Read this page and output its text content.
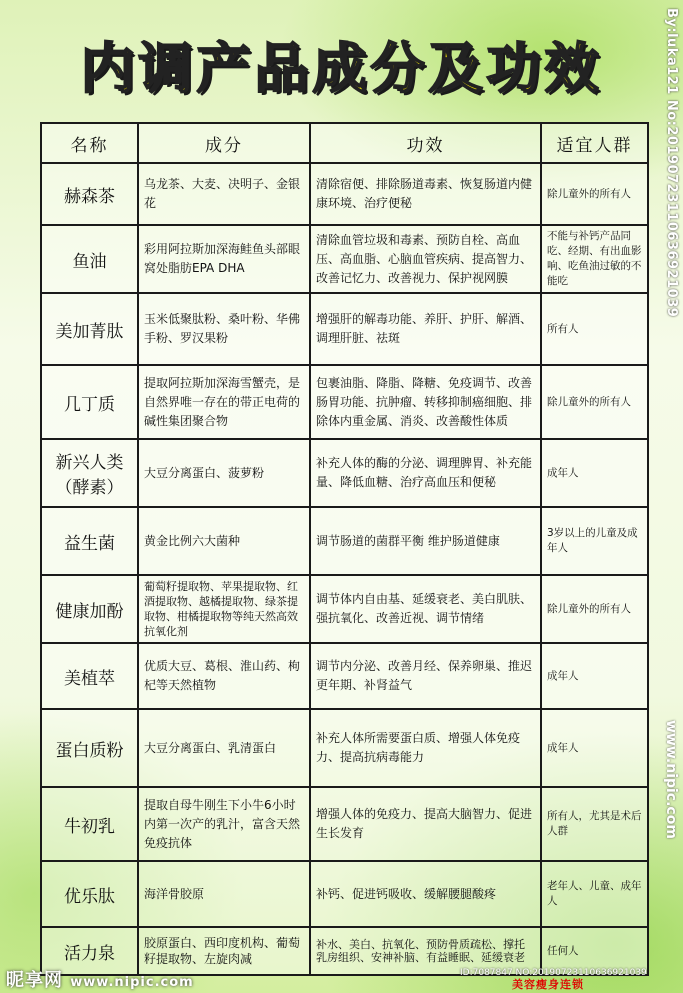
内调产品成分及功效
名称	成分	功效	适宜人群
赫森茶	乌龙茶、大麦、决明子、金银花	清除宿便、排除肠道毒素、恢复肠道内健康环境、治疗便秘	除儿童外的所有人
鱼油	彩用阿拉斯加深海鲑鱼头部眼窝处脂肪EPA DHA	清除血管垃圾和毒素、预防自栓、高血压、高血脂、心脑血管疾病、提高智力、改善记忆力、改善视力、保护视网膜	不能与补钙产品同吃、经期、有出血影响、吃鱼油过敏的不能吃
美加菁肽	玉米低聚肽粉、桑叶粉、华佛手粉、罗汉果粉	增强肝的解毒功能、养肝、护肝、解酒、调理肝脏、祛斑	所有人
几丁质	提取阿拉斯加深海雪蟹壳，是自然界唯一存在的带正电荷的碱性集团聚合物	包裹油脂、降脂、降糖、免疫调节、改善肠胃功能、抗肿瘤、转移抑制癌细胞、排除体内重金属、消炎、改善酸性体质	除儿童外的所有人
新兴人类（酵素）	大豆分离蛋白、菠萝粉	补充人体的酶的分泌、调理脾胃、补充能量、降低血糖、治疗高血压和便秘	成年人
益生菌	黄金比例六大菌种	调节肠道的菌群平衡 维护肠道健康	3岁以上的儿童及成年人
健康加酚	葡萄籽提取物、苹果提取物、红酒提取物、越橘提取物、绿茶提取物、柑橘提取物等纯天然高效抗氧化剂	调节体内自由基、延缓衰老、美白肌肤、强抗氧化、改善近视、调节情绪	除儿童外的所有人
美植萃	优质大豆、葛根、淮山药、枸杞等天然植物	调节内分泌、改善月经、保养卵巢、推迟更年期、补肾益气	成年人
蛋白质粉	大豆分离蛋白、乳清蛋白	补充人体所需要蛋白质、增强人体免疫力、提高抗病毒能力	成年人
牛初乳	提取自母牛刚生下小牛6小时内第一次产的乳汁，富含天然免疫抗体	增强人体的免疫力、提高大脑智力、促进生长发育	所有人，尤其是术后人群
优乐肽	海洋骨胶原	补钙、促进钙吸收、缓解腰腿酸疼	老年人、儿童、成年人
活力泉	胶原蛋白、西印度机构、葡萄籽提取物、左旋肉减	补水、美白、抗氧化、预防骨质疏松、撑托乳房组织、安神补脑、有益睡眠、延缓衰老	任何人
By:luka121 No:20190723110636921039
www.nipic.com
昵享网 www.nipic.com
ID:7087847 NO:20190723110636921039
美容瘦身连锁
